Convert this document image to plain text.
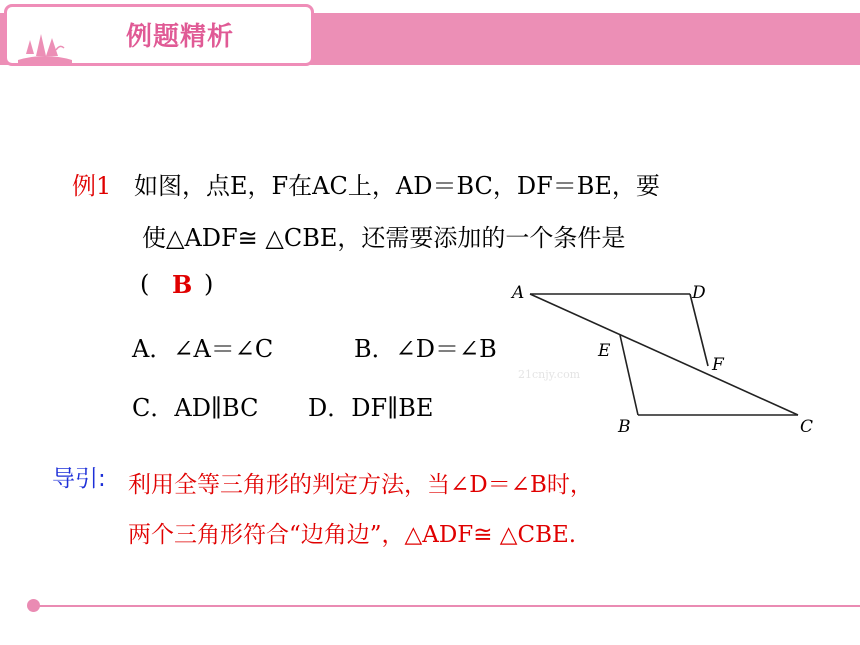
例题精析
例1 如图，点E，F在AC上，AD＝BC，DF＝BE，要
使△ADF≅ △CBE，还需要添加的一个条件是
( B )
A．∠A＝∠C	B．∠D＝∠B
C．AD∥BC D．DF∥BE
A	D
E
F
B	C
21cnjy.com
导引: 利用全等三角形的判定方法，当∠D＝∠B时，
两个三角形符合“边角边”，△ADF≅ △CBE.
